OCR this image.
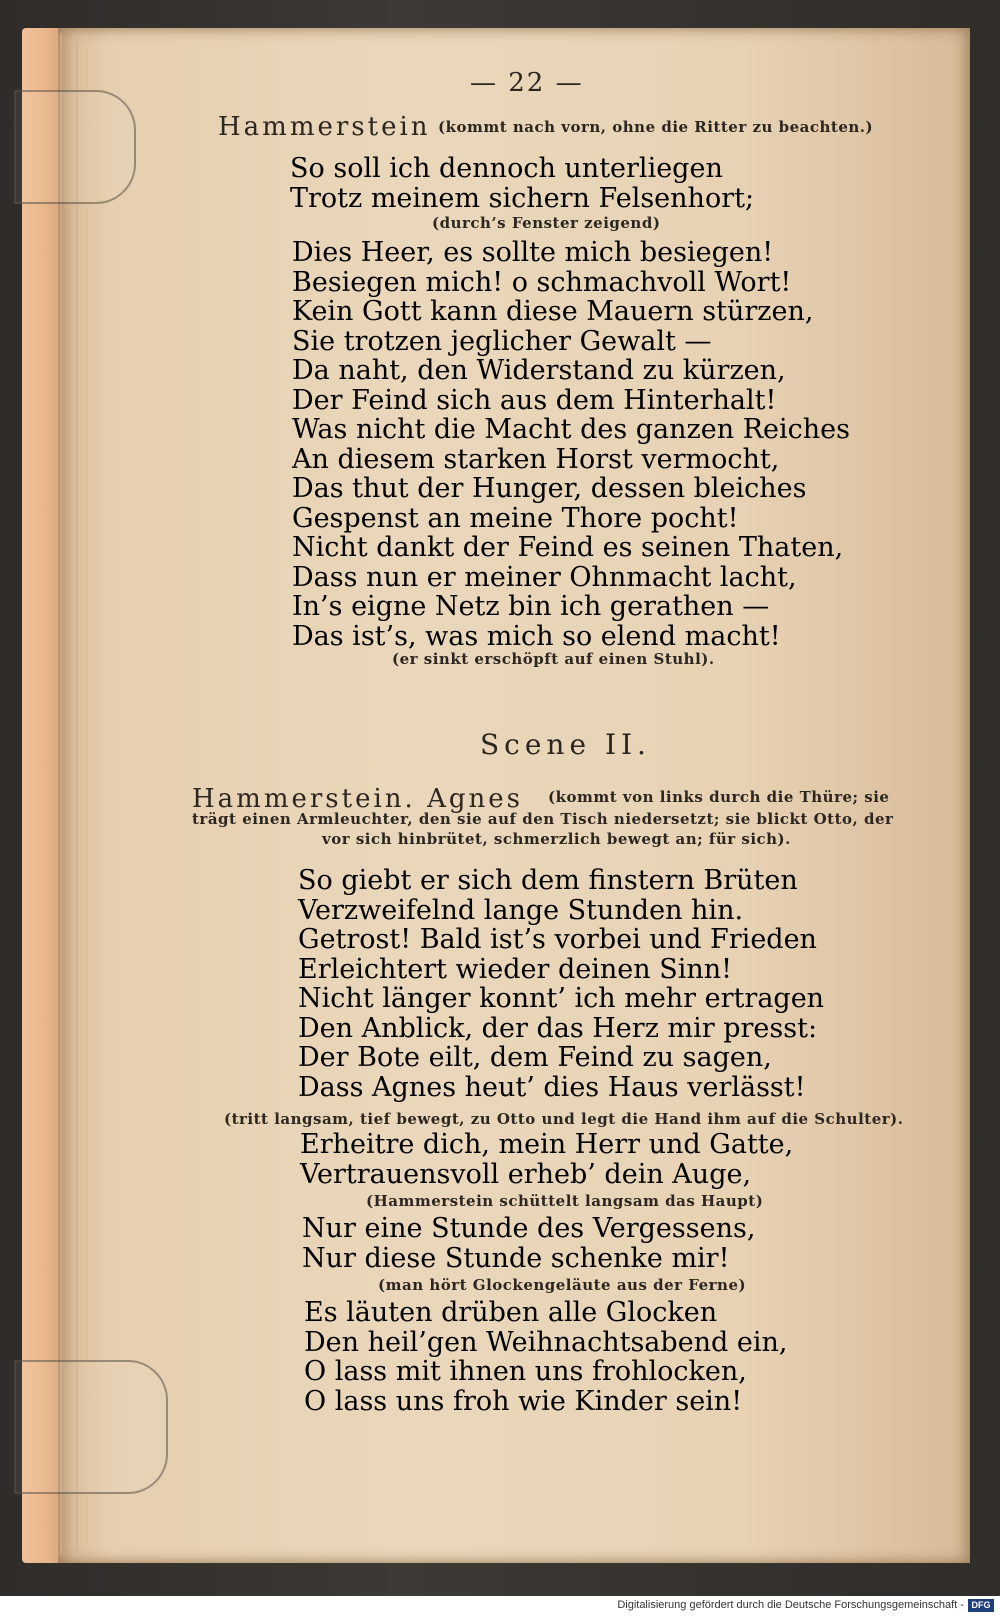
— 22 —
Hammerstein (kommt nach vorn, ohne die Ritter zu beachten.)
So soll ich dennoch unterliegen
Trotz meinem sichern Felsenhort;
(durch’s Fenster zeigend)
Dies Heer, es sollte mich besiegen!
Besiegen mich! o schmachvoll Wort!
Kein Gott kann diese Mauern stürzen,
Sie trotzen jeglicher Gewalt —
Da naht, den Widerstand zu kürzen,
Der Feind sich aus dem Hinterhalt!
Was nicht die Macht des ganzen Reiches
An diesem starken Horst vermocht,
Das thut der Hunger, dessen bleiches
Gespenst an meine Thore pocht!
Nicht dankt der Feind es seinen Thaten,
Dass nun er meiner Ohnmacht lacht,
In’s eigne Netz bin ich gerathen —
Das ist’s, was mich so elend macht!
(er sinkt erschöpft auf einen Stuhl).
Scene II.
Hammerstein. Agnes (kommt von links durch die Thüre; sie
trägt einen Armleuchter, den sie auf den Tisch niedersetzt; sie blickt Otto, der
vor sich hinbrütet, schmerzlich bewegt an; für sich).
So giebt er sich dem finstern Brüten
Verzweifelnd lange Stunden hin.
Getrost! Bald ist’s vorbei und Frieden
Erleichtert wieder deinen Sinn!
Nicht länger konnt’ ich mehr ertragen
Den Anblick, der das Herz mir presst:
Der Bote eilt, dem Feind zu sagen,
Dass Agnes heut’ dies Haus verlässt!
(tritt langsam, tief bewegt, zu Otto und legt die Hand ihm auf die Schulter).
Erheitre dich, mein Herr und Gatte,
Vertrauensvoll erheb’ dein Auge,
(Hammerstein schüttelt langsam das Haupt)
Nur eine Stunde des Vergessens,
Nur diese Stunde schenke mir!
(man hört Glockengeläute aus der Ferne)
Es läuten drüben alle Glocken
Den heil’gen Weihnachtsabend ein,
O lass mit ihnen uns frohlocken,
O lass uns froh wie Kinder sein!
Digitalisierung gefördert durch die Deutsche Forschungsgemeinschaft - DFG
